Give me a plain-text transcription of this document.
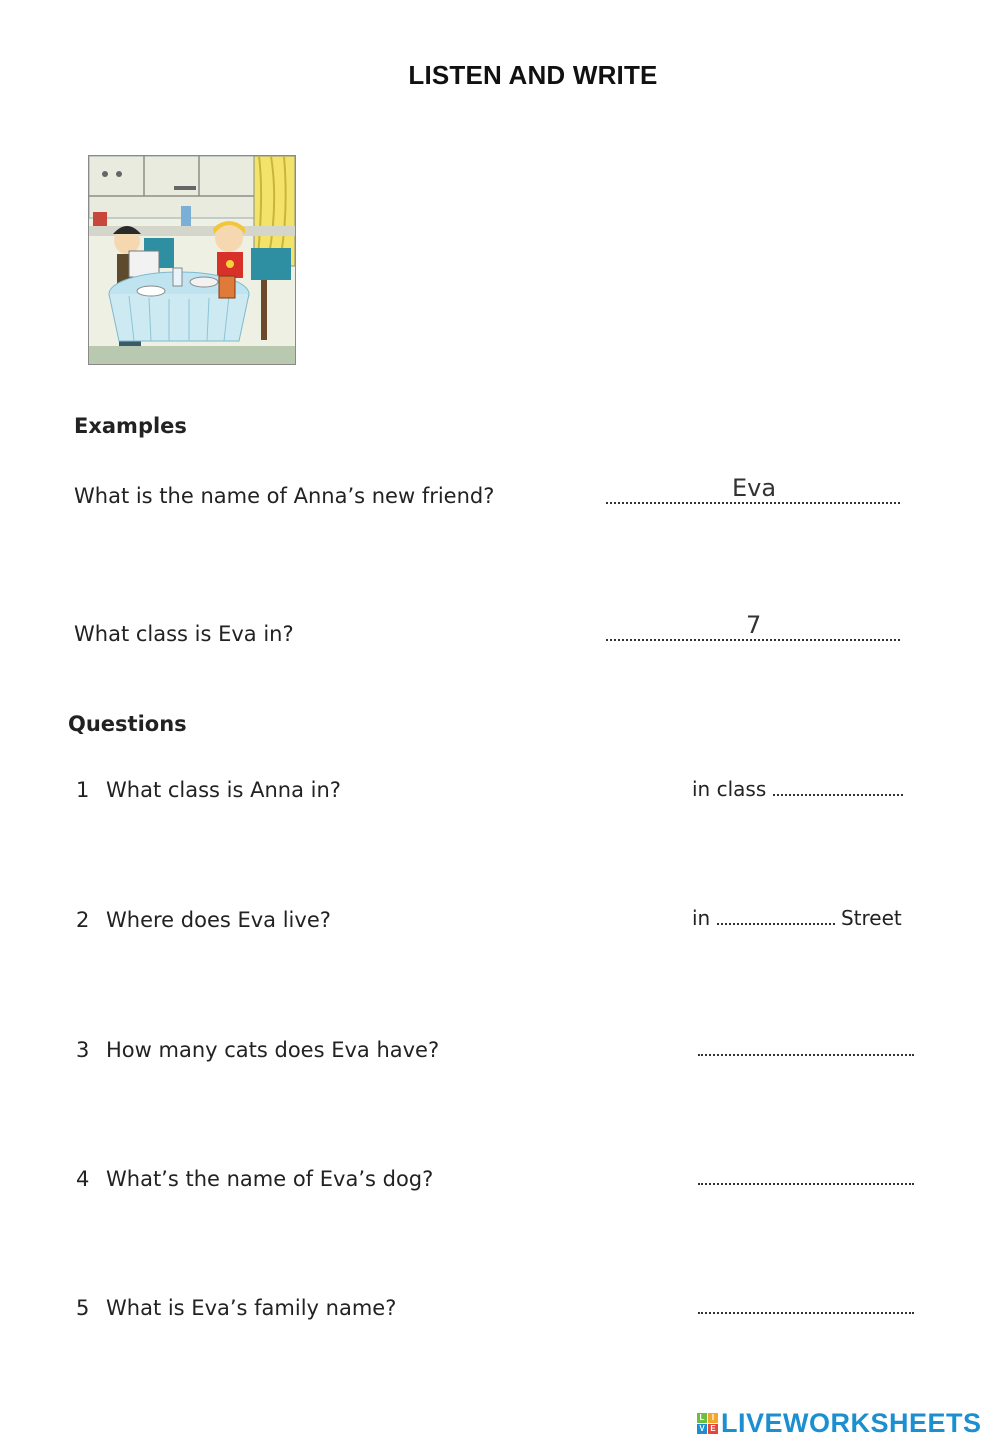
LISTEN AND WRITE
Examples
What is the name of Anna’s new friend?	Eva
What class is Eva in?	7
Questions
1 What class is Anna in?	in class
2 Where does Eva live?	in	Street
3 How many cats does Eva have?
4 What’s the name of Eva’s dog?
5 What is Eva’s family name?
L I
V E LIVEWORKSHEETS
